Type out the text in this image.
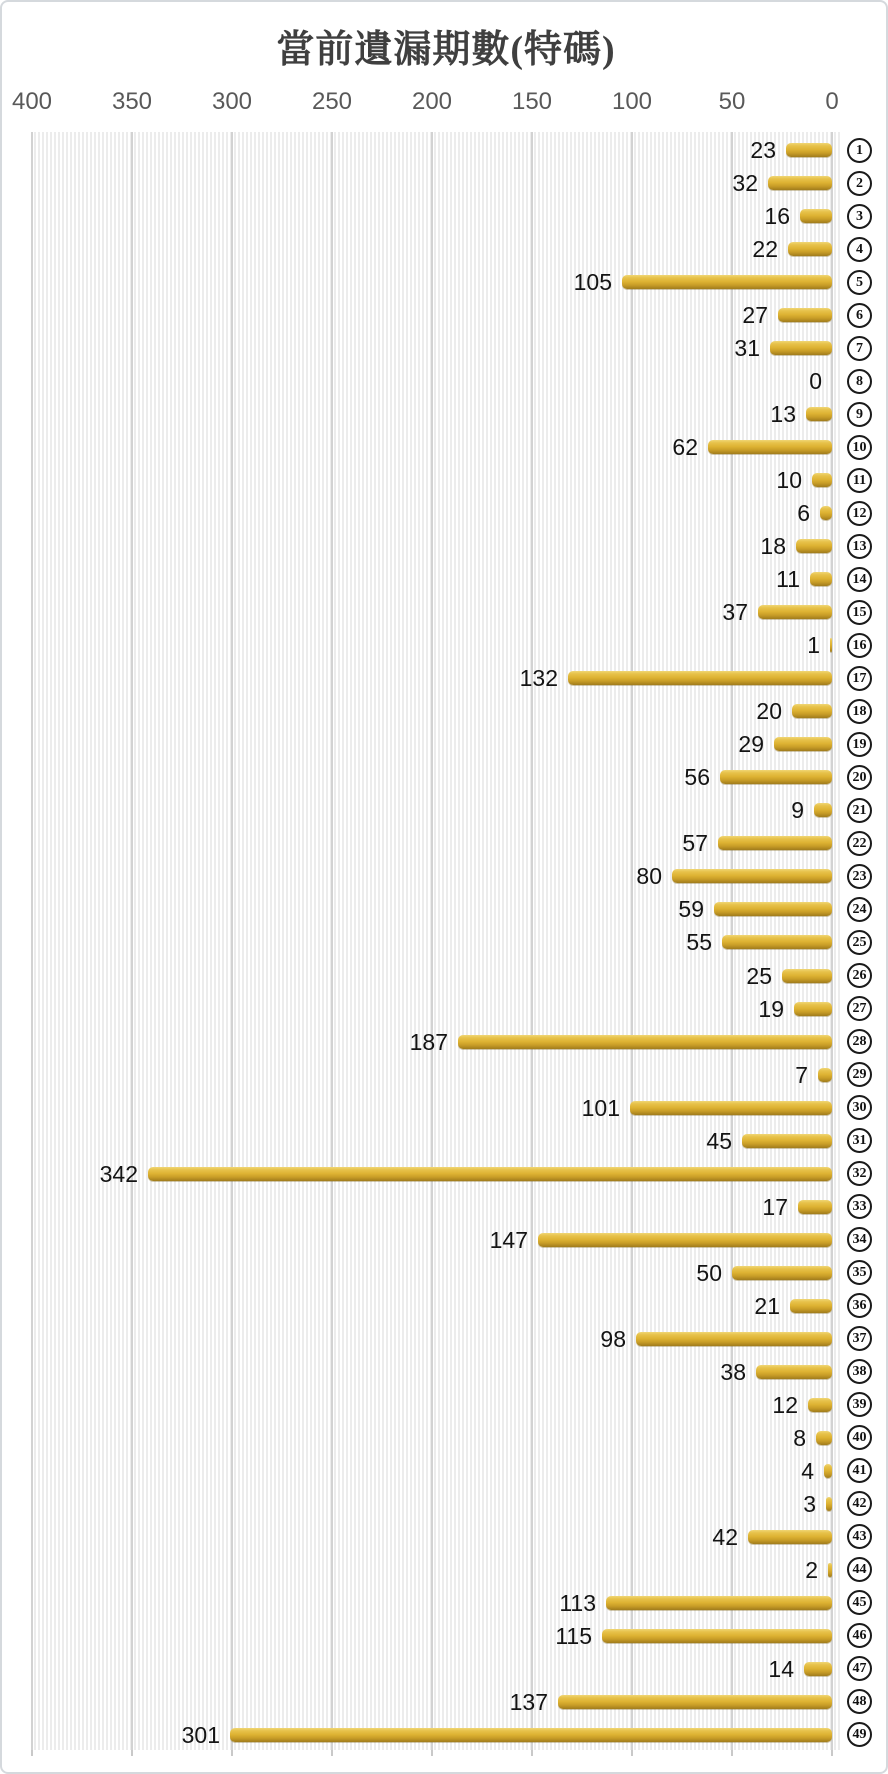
當前遺漏期數(特碼)
400	350	300	250	200	150	100	50	0
23
32
16
22
105
27
31
0
13
62
10
6
18
11
37
1
132
20
29
56
9
57
80
59
55
25
19
187
7
101
45
342
17
147
50
21
98
38
12
8
4
3
42
2
113
115
14
137
301
1
2
3
4
5
6
7
8
9
10
11
12
13
14
15
16
17
18
19
20
21
22
23
24
25
26
27
28
29
30
31
32
33
34
35
36
37
38
39
40
41
42
43
44
45
46
47
48
49
